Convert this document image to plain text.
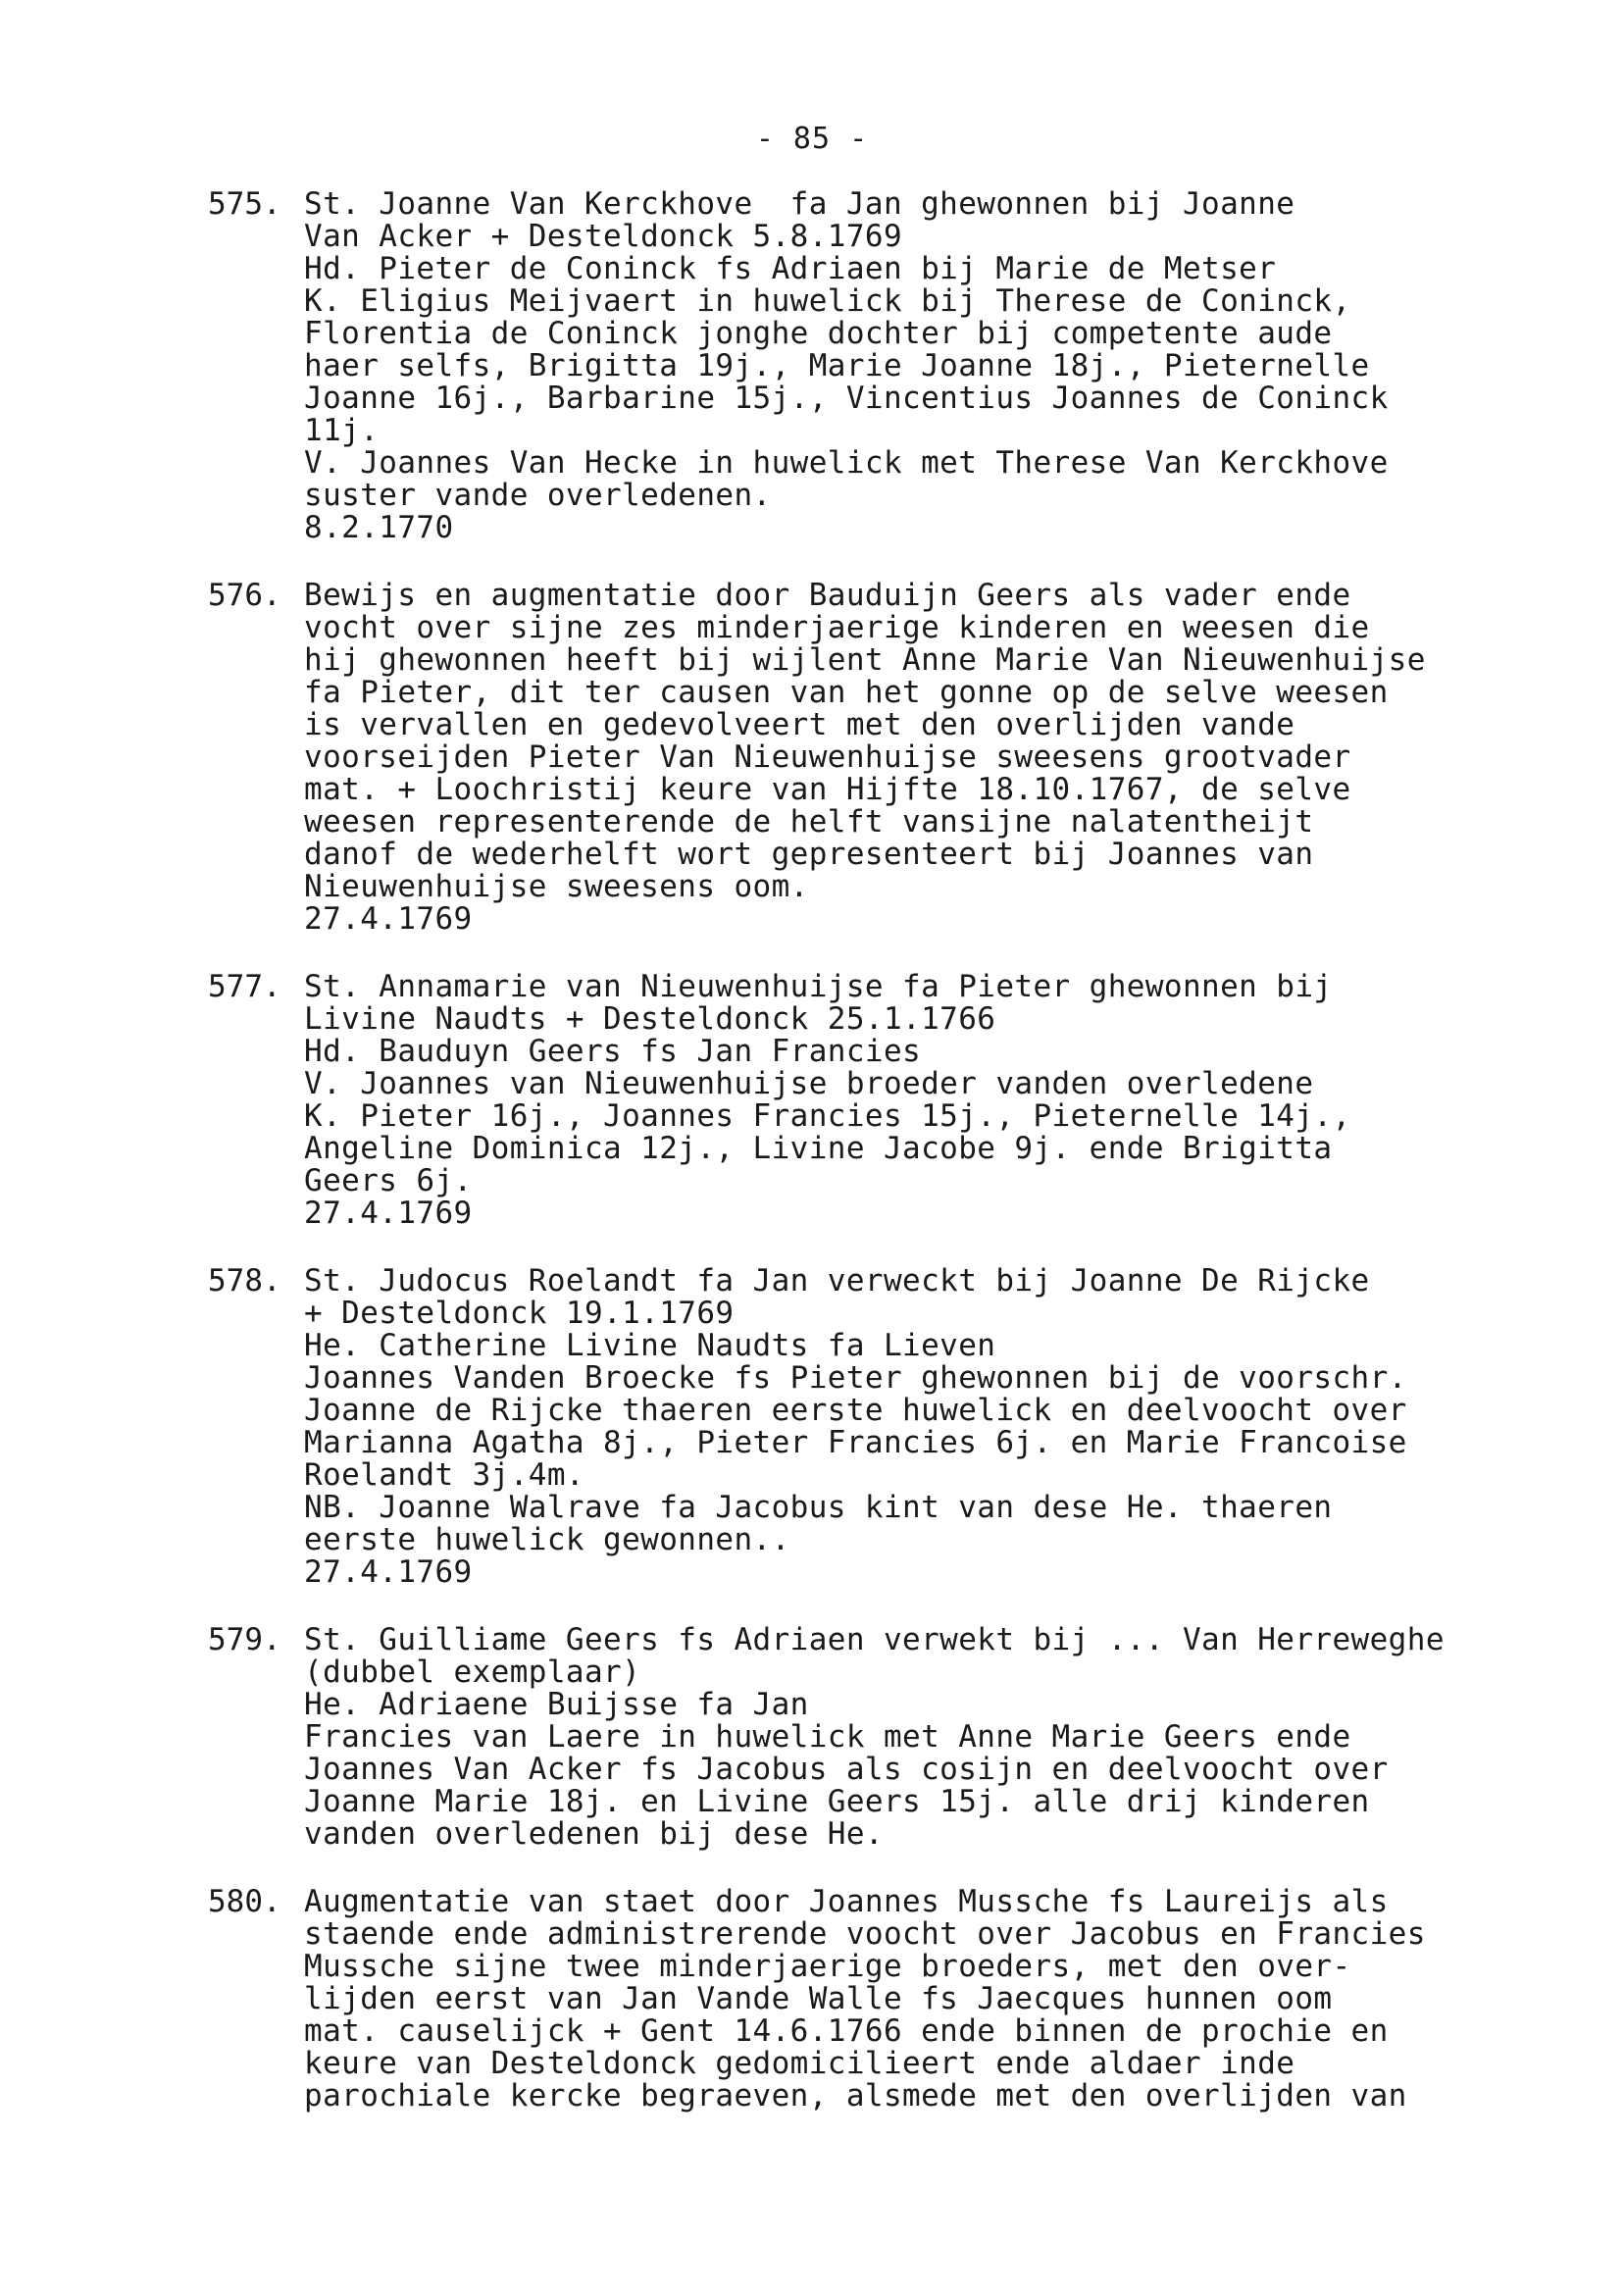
- 85 -
575. St. Joanne Van Kerckhove  fa Jan ghewonnen bij Joanne
Van Acker + Desteldonck 5.8.1769
Hd. Pieter de Coninck fs Adriaen bij Marie de Metser
K. Eligius Meijvaert in huwelick bij Therese de Coninck,
Florentia de Coninck jonghe dochter bij competente aude
haer selfs, Brigitta 19j., Marie Joanne 18j., Pieternelle
Joanne 16j., Barbarine 15j., Vincentius Joannes de Coninck
11j.
V. Joannes Van Hecke in huwelick met Therese Van Kerckhove
suster vande overledenen.
8.2.1770
576. Bewijs en augmentatie door Bauduijn Geers als vader ende
vocht over sijne zes minderjaerige kinderen en weesen die
hij ghewonnen heeft bij wijlent Anne Marie Van Nieuwenhuijse
fa Pieter, dit ter causen van het gonne op de selve weesen
is vervallen en gedevolveert met den overlijden vande
voorseijden Pieter Van Nieuwenhuijse sweesens grootvader
mat. + Loochristij keure van Hijfte 18.10.1767, de selve
weesen representerende de helft vansijne nalatentheijt
danof de wederhelft wort gepresenteert bij Joannes van
Nieuwenhuijse sweesens oom.
27.4.1769
577. St. Annamarie van Nieuwenhuijse fa Pieter ghewonnen bij
Livine Naudts + Desteldonck 25.1.1766
Hd. Bauduyn Geers fs Jan Francies
V. Joannes van Nieuwenhuijse broeder vanden overledene
K. Pieter 16j., Joannes Francies 15j., Pieternelle 14j.,
Angeline Dominica 12j., Livine Jacobe 9j. ende Brigitta
Geers 6j.
27.4.1769
578. St. Judocus Roelandt fa Jan verweckt bij Joanne De Rijcke
+ Desteldonck 19.1.1769
He. Catherine Livine Naudts fa Lieven
Joannes Vanden Broecke fs Pieter ghewonnen bij de voorschr.
Joanne de Rijcke thaeren eerste huwelick en deelvoocht over
Marianna Agatha 8j., Pieter Francies 6j. en Marie Francoise
Roelandt 3j.4m.
NB. Joanne Walrave fa Jacobus kint van dese He. thaeren
eerste huwelick gewonnen..
27.4.1769
579. St. Guilliame Geers fs Adriaen verwekt bij ... Van Herreweghe
(dubbel exemplaar)
He. Adriaene Buijsse fa Jan
Francies van Laere in huwelick met Anne Marie Geers ende
Joannes Van Acker fs Jacobus als cosijn en deelvoocht over
Joanne Marie 18j. en Livine Geers 15j. alle drij kinderen
vanden overledenen bij dese He.
580. Augmentatie van staet door Joannes Mussche fs Laureijs als
staende ende administrerende voocht over Jacobus en Francies
Mussche sijne twee minderjaerige broeders, met den over-
lijden eerst van Jan Vande Walle fs Jaecques hunnen oom
mat. causelijck + Gent 14.6.1766 ende binnen de prochie en
keure van Desteldonck gedomicilieert ende aldaer inde
parochiale kercke begraeven, alsmede met den overlijden van
